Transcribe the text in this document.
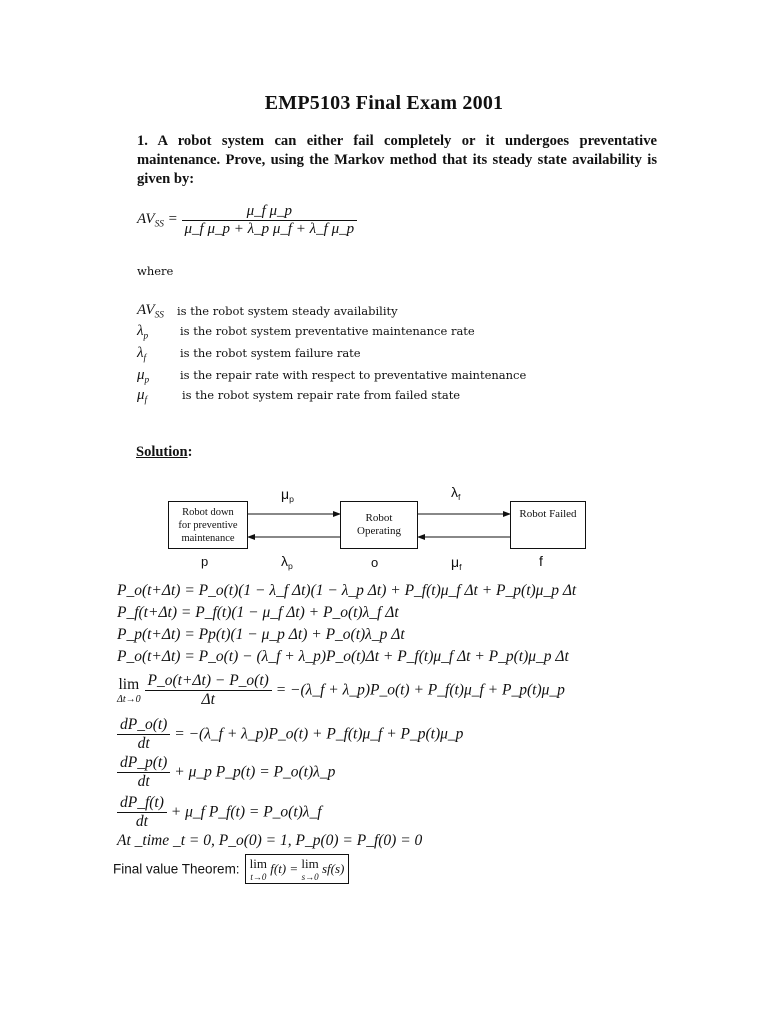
EMP5103 Final Exam 2001
1. A robot system can either fail completely or it undergoes preventative maintenance. Prove, using the Markov method that its steady state availability is given by:
$AV_{SS} = \frac{\text{μ\_f μ\_p}}{\text{μ\_f μ\_p + λ\_p μ\_f + λ\_f μ\_p}}$
where
$AV_{SS}$ is the robot system steady availability
$\lambda_p$	is the robot system preventative maintenance rate
$\lambda_f$	is the robot system failure rate
$\mu_p$	is the repair rate with respect to preventative maintenance
$\mu_f$	is the robot system repair rate from failed state
Solution:
Robot down
for preventive
maintenance
Robot
Operating
Robot Failed
$\mu_p$	$\lambda_f$
$\lambda_p$	$\mu_f$
p	o	f
P_o(t+Δt) = P_o(t)(1 − λ_f Δt)(1 − λ_p Δt) + P_f(t)μ_f Δt + P_p(t)μ_p Δt
P_f(t+Δt) = P_f(t)(1 − μ_f Δt) + P_o(t)λ_f Δt
P_p(t+Δt) = Pp(t)(1 − μ_p Δt) + P_o(t)λ_p Δt
P_o(t+Δt) = P_o(t) − (λ_f + λ_p)P_o(t)Δt + P_f(t)μ_f Δt + P_p(t)μ_p Δt
lim
Δt→0
$\frac{P\_o(t+\Delta t) - P\_o(t)}{\Delta t}$ = −(λ_f + λ_p)P_o(t) + P_f(t)μ_f + P_p(t)μ_p
$\frac{dP\_o(t)}{dt}$ = −(λ_f + λ_p)P_o(t) + P_f(t)μ_f + P_p(t)μ_p
$\frac{dP\_p(t)}{dt}$ + μ_p P_p(t) = P_o(t)λ_p
$\frac{dP\_f(t)}{dt}$ + μ_f P_f(t) = P_o(t)λ_f
At _time _t = 0, P_o(0) = 1, P_p(0) = P_f(0) = 0
Final value Theorem: lim
t→0
f(t) = lim
s→0
sf(s)
